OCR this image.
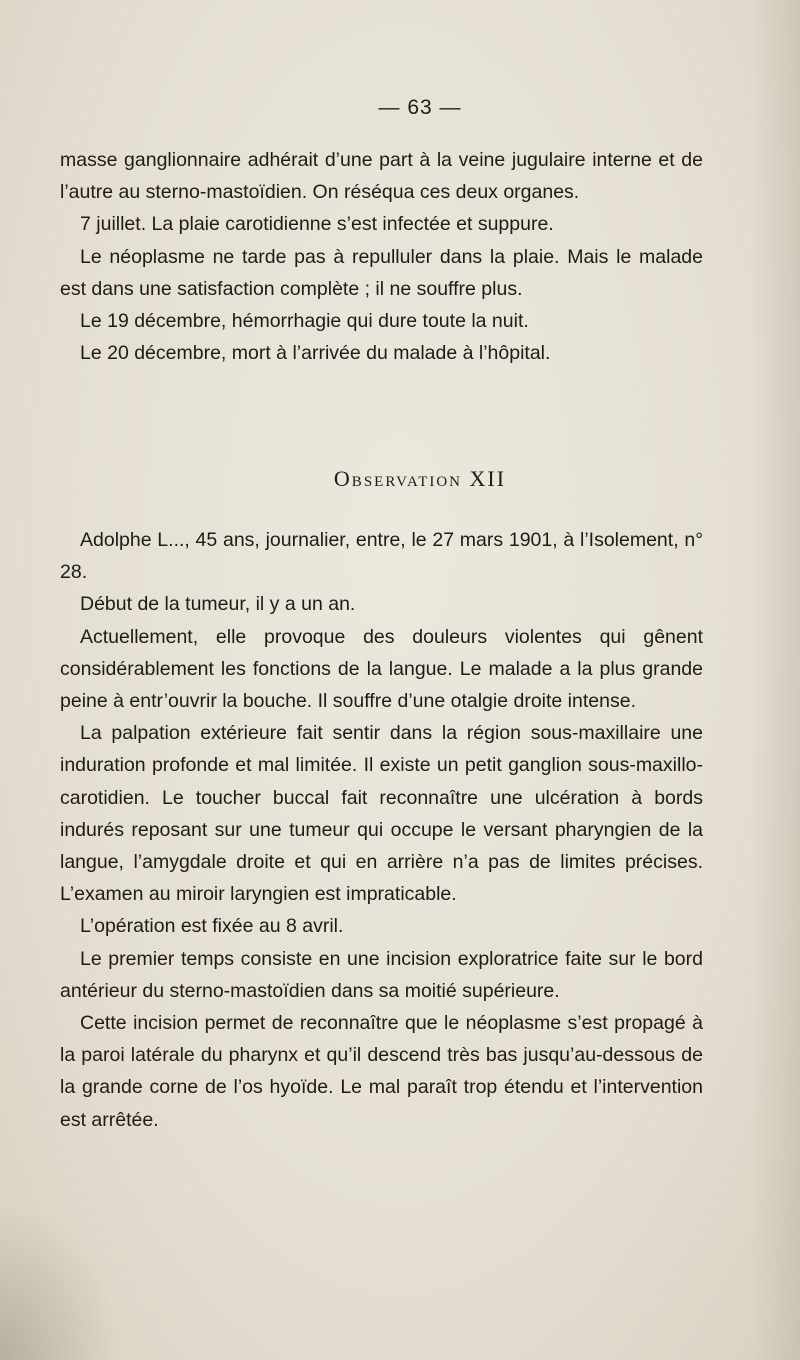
— 63 —

masse ganglionnaire adhérait d’une part à la veine jugulaire interne et de l’autre au sterno-mastoïdien. On réséqua ces deux organes.

7 juillet. La plaie carotidienne s’est infectée et suppure.

Le néoplasme ne tarde pas à repulluler dans la plaie. Mais le malade est dans une satisfaction complète ; il ne souffre plus.

Le 19 décembre, hémorrhagie qui dure toute la nuit.

Le 20 décembre, mort à l’arrivée du malade à l’hôpital.

Observation XII

Adolphe L..., 45 ans, journalier, entre, le 27 mars 1901, à l’Isolement, n° 28.

Début de la tumeur, il y a un an.

Actuellement, elle provoque des douleurs violentes qui gênent considérablement les fonctions de la langue. Le malade a la plus grande peine à entr’ouvrir la bouche. Il souffre d’une otalgie droite intense.

La palpation extérieure fait sentir dans la région sous-maxillaire une induration profonde et mal limitée. Il existe un petit ganglion sous-maxillo-carotidien. Le toucher buccal fait reconnaître une ulcération à bords indurés reposant sur une tumeur qui occupe le versant pharyngien de la langue, l’amygdale droite et qui en arrière n’a pas de limites précises. L’examen au miroir laryngien est impraticable.

L’opération est fixée au 8 avril.

Le premier temps consiste en une incision exploratrice faite sur le bord antérieur du sterno-mastoïdien dans sa moitié supérieure.

Cette incision permet de reconnaître que le néoplasme s’est propagé à la paroi latérale du pharynx et qu’il descend très bas jusqu’au-dessous de la grande corne de l’os hyoïde. Le mal paraît trop étendu et l’intervention est arrêtée.
